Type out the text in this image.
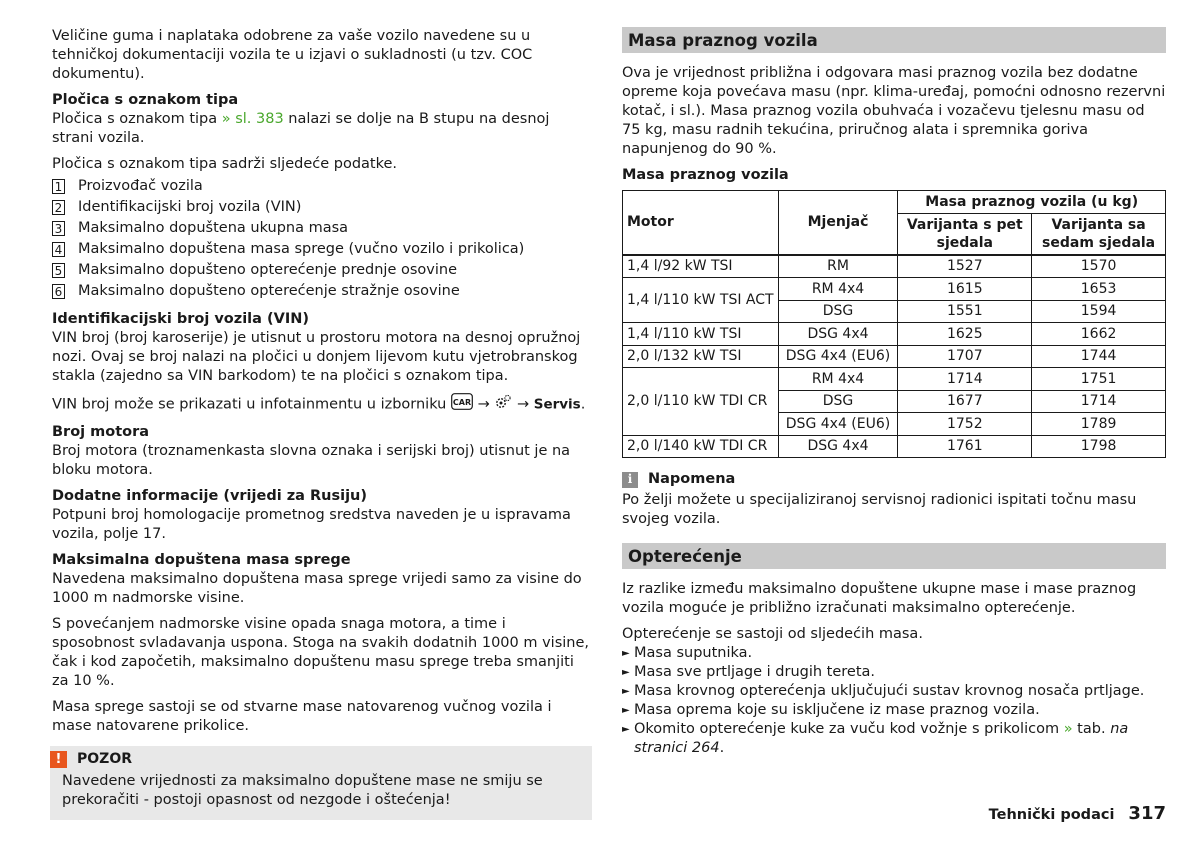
Veličine guma i naplataka odobrene za vaše vozilo navedene su u tehničkoj dokumentaciji vozila te u izjavi o sukladnosti (u tzv. COC dokumentu).

Pločica s oznakom tipa

Pločica s oznakom tipa » sl. 383 nalazi se dolje na B stupu na desnoj strani vozila.

Pločica s oznakom tipa sadrži sljedeće podatke.

1 Proizvođač vozila
2 Identifikacijski broj vozila (VIN)
3 Maksimalno dopuštena ukupna masa
4 Maksimalno dopuštena masa sprege (vučno vozilo i prikolica)
5 Maksimalno dopušteno opterećenje prednje osovine
6 Maksimalno dopušteno opterećenje stražnje osovine

Identifikacijski broj vozila (VIN)

VIN broj (broj karoserije) je utisnut u prostoru motora na desnoj opružnoj nozi. Ovaj se broj nalazi na pločici u donjem lijevom kutu vjetrobranskog stakla (zajedno sa VIN barkodom) te na pločici s oznakom tipa.

VIN broj može se prikazati u infotainmentu u izborniku CAR →  → Servis.

Broj motora

Broj motora (troznamenkasta slovna oznaka i serijski broj) utisnut je na bloku motora.

Dodatne informacije (vrijedi za Rusiju)

Potpuni broj homologacije prometnog sredstva naveden je u ispravama vozila, polje 17.

Maksimalna dopuštena masa sprege

Navedena maksimalno dopuštena masa sprege vrijedi samo za visine do 1000 m nadmorske visine.

S povećanjem nadmorske visine opada snaga motora, a time i sposobnost svladavanja uspona. Stoga na svakih dodatnih 1000 m visine, čak i kod započetih, maksimalno dopuštenu masu sprege treba smanjiti za 10 %.

Masa sprege sastoji se od stvarne mase natovarenog vučnog vozila i mase natovarene prikolice.

!	POZOR

Navedene vrijednosti za maksimalno dopuštene mase ne smiju se prekoračiti - postoji opasnost od nezgode i oštećenja!

Masa praznog vozila

Ova je vrijednost približna i odgovara masi praznog vozila bez dodatne opreme koja povećava masu (npr. klima-uređaj, pomoćni odnosno rezervni kotač, i sl.). Masa praznog vozila obuhvaća i vozačevu tjelesnu masu od 75 kg, masu radnih tekućina, priručnog alata i spremnika goriva napunjenog do 90 %.

Masa praznog vozila

Motor	Mjenjač	Masa praznog vozila (u kg)	
		Varijanta s pet sjedala	Varijanta sa sedam sjedala
1,4 l/92 kW TSI	RM	1527	1570
1,4 l/110 kW TSI ACT	RM 4x4	1615	1653
	DSG	1551	1594
1,4 l/110 kW TSI	DSG 4x4	1625	1662
2,0 l/132 kW TSI	DSG 4x4 (EU6)	1707	1744
2,0 l/110 kW TDI CR	RM 4x4	1714	1751
	DSG	1677	1714
	DSG 4x4 (EU6)	1752	1789
2,0 l/140 kW TDI CR	DSG 4x4	1761	1798
i	Napomena

Po želji možete u specijaliziranoj servisnoj radionici ispitati točnu masu svojeg vozila.

Opterećenje

Iz razlike između maksimalno dopuštene ukupne mase i mase praznog vozila moguće je približno izračunati maksimalno opterećenje.

Opterećenje se sastoji od sljedećih masa.

► Masa suputnika.
► Masa sve prtljage i drugih tereta.
► Masa krovnog opterećenja uključujući sustav krovnog nosača prtljage.
► Masa oprema koje su isključene iz mase praznog vozila.
► Okomito opterećenje kuke za vuču kod vožnje s prikolicom » tab. na stranici 264.
Tehnički podaci 317
